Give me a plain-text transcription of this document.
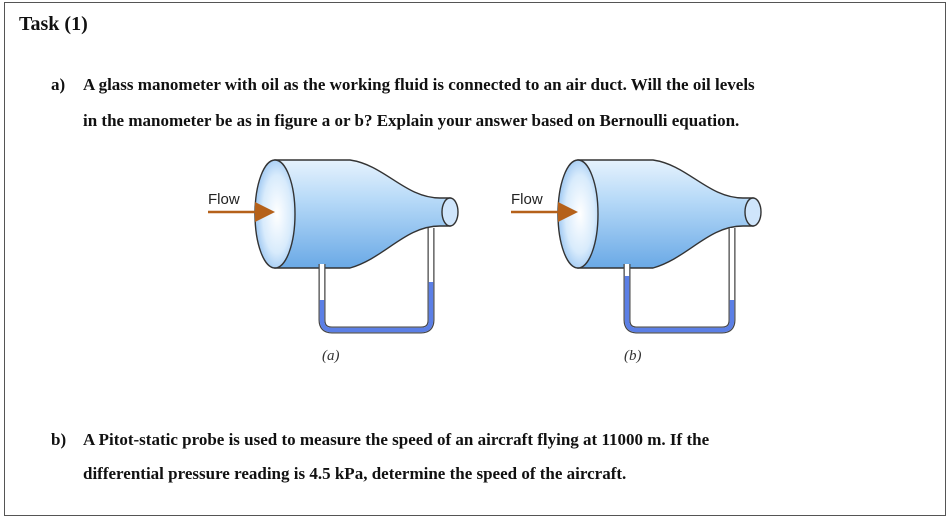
Task (1)
a) A glass manometer with oil as the working fluid is connected to an air duct. Will the oil levels
in the manometer be as in figure a or b? Explain your answer based on Bernoulli equation.
b) A Pitot-static probe is used to measure the speed of an aircraft flying at 11000 m. If the
differential pressure reading is 4.5 kPa, determine the speed of the aircraft.
Flow
(a)
Flow
(b)
